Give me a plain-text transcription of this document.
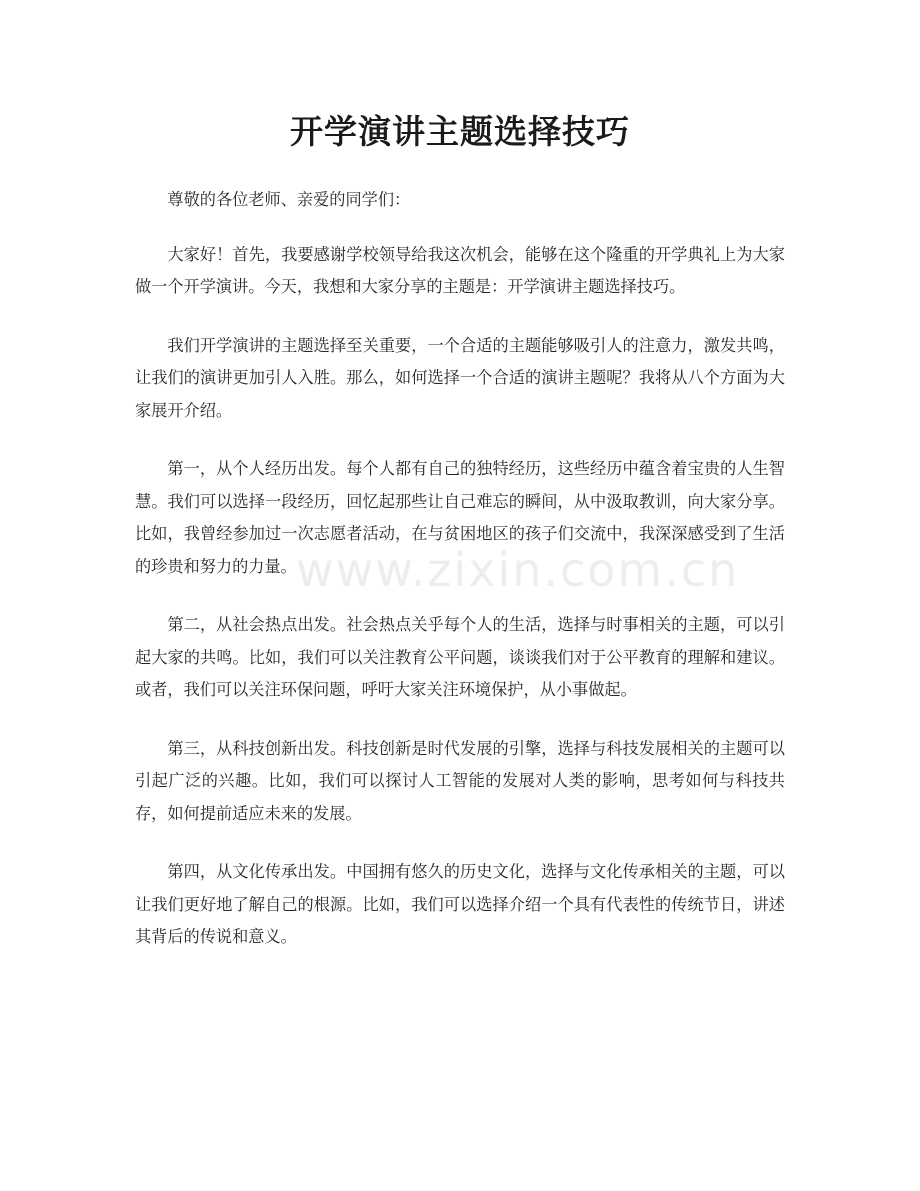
开学演讲主题选择技巧

尊敬的各位老师、亲爱的同学们：

大家好！首先，我要感谢学校领导给我这次机会，能够在这个隆重的开学典礼上为大家做一个开学演讲。今天，我想和大家分享的主题是：开学演讲主题选择技巧。

我们开学演讲的主题选择至关重要，一个合适的主题能够吸引人的注意力，激发共鸣，让我们的演讲更加引人入胜。那么，如何选择一个合适的演讲主题呢？我将从八个方面为大家展开介绍。

第一，从个人经历出发。每个人都有自己的独特经历，这些经历中蕴含着宝贵的人生智慧。我们可以选择一段经历，回忆起那些让自己难忘的瞬间，从中汲取教训，向大家分享。比如，我曾经参加过一次志愿者活动，在与贫困地区的孩子们交流中，我深深感受到了生活的珍贵和努力的力量。

第二，从社会热点出发。社会热点关乎每个人的生活，选择与时事相关的主题，可以引起大家的共鸣。比如，我们可以关注教育公平问题，谈谈我们对于公平教育的理解和建议。或者，我们可以关注环保问题，呼吁大家关注环境保护，从小事做起。

第三，从科技创新出发。科技创新是时代发展的引擎，选择与科技发展相关的主题可以引起广泛的兴趣。比如，我们可以探讨人工智能的发展对人类的影响，思考如何与科技共存，如何提前适应未来的发展。

第四，从文化传承出发。中国拥有悠久的历史文化，选择与文化传承相关的主题，可以让我们更好地了解自己的根源。比如，我们可以选择介绍一个具有代表性的传统节日，讲述其背后的传说和意义。

www.zixin.com.cn
